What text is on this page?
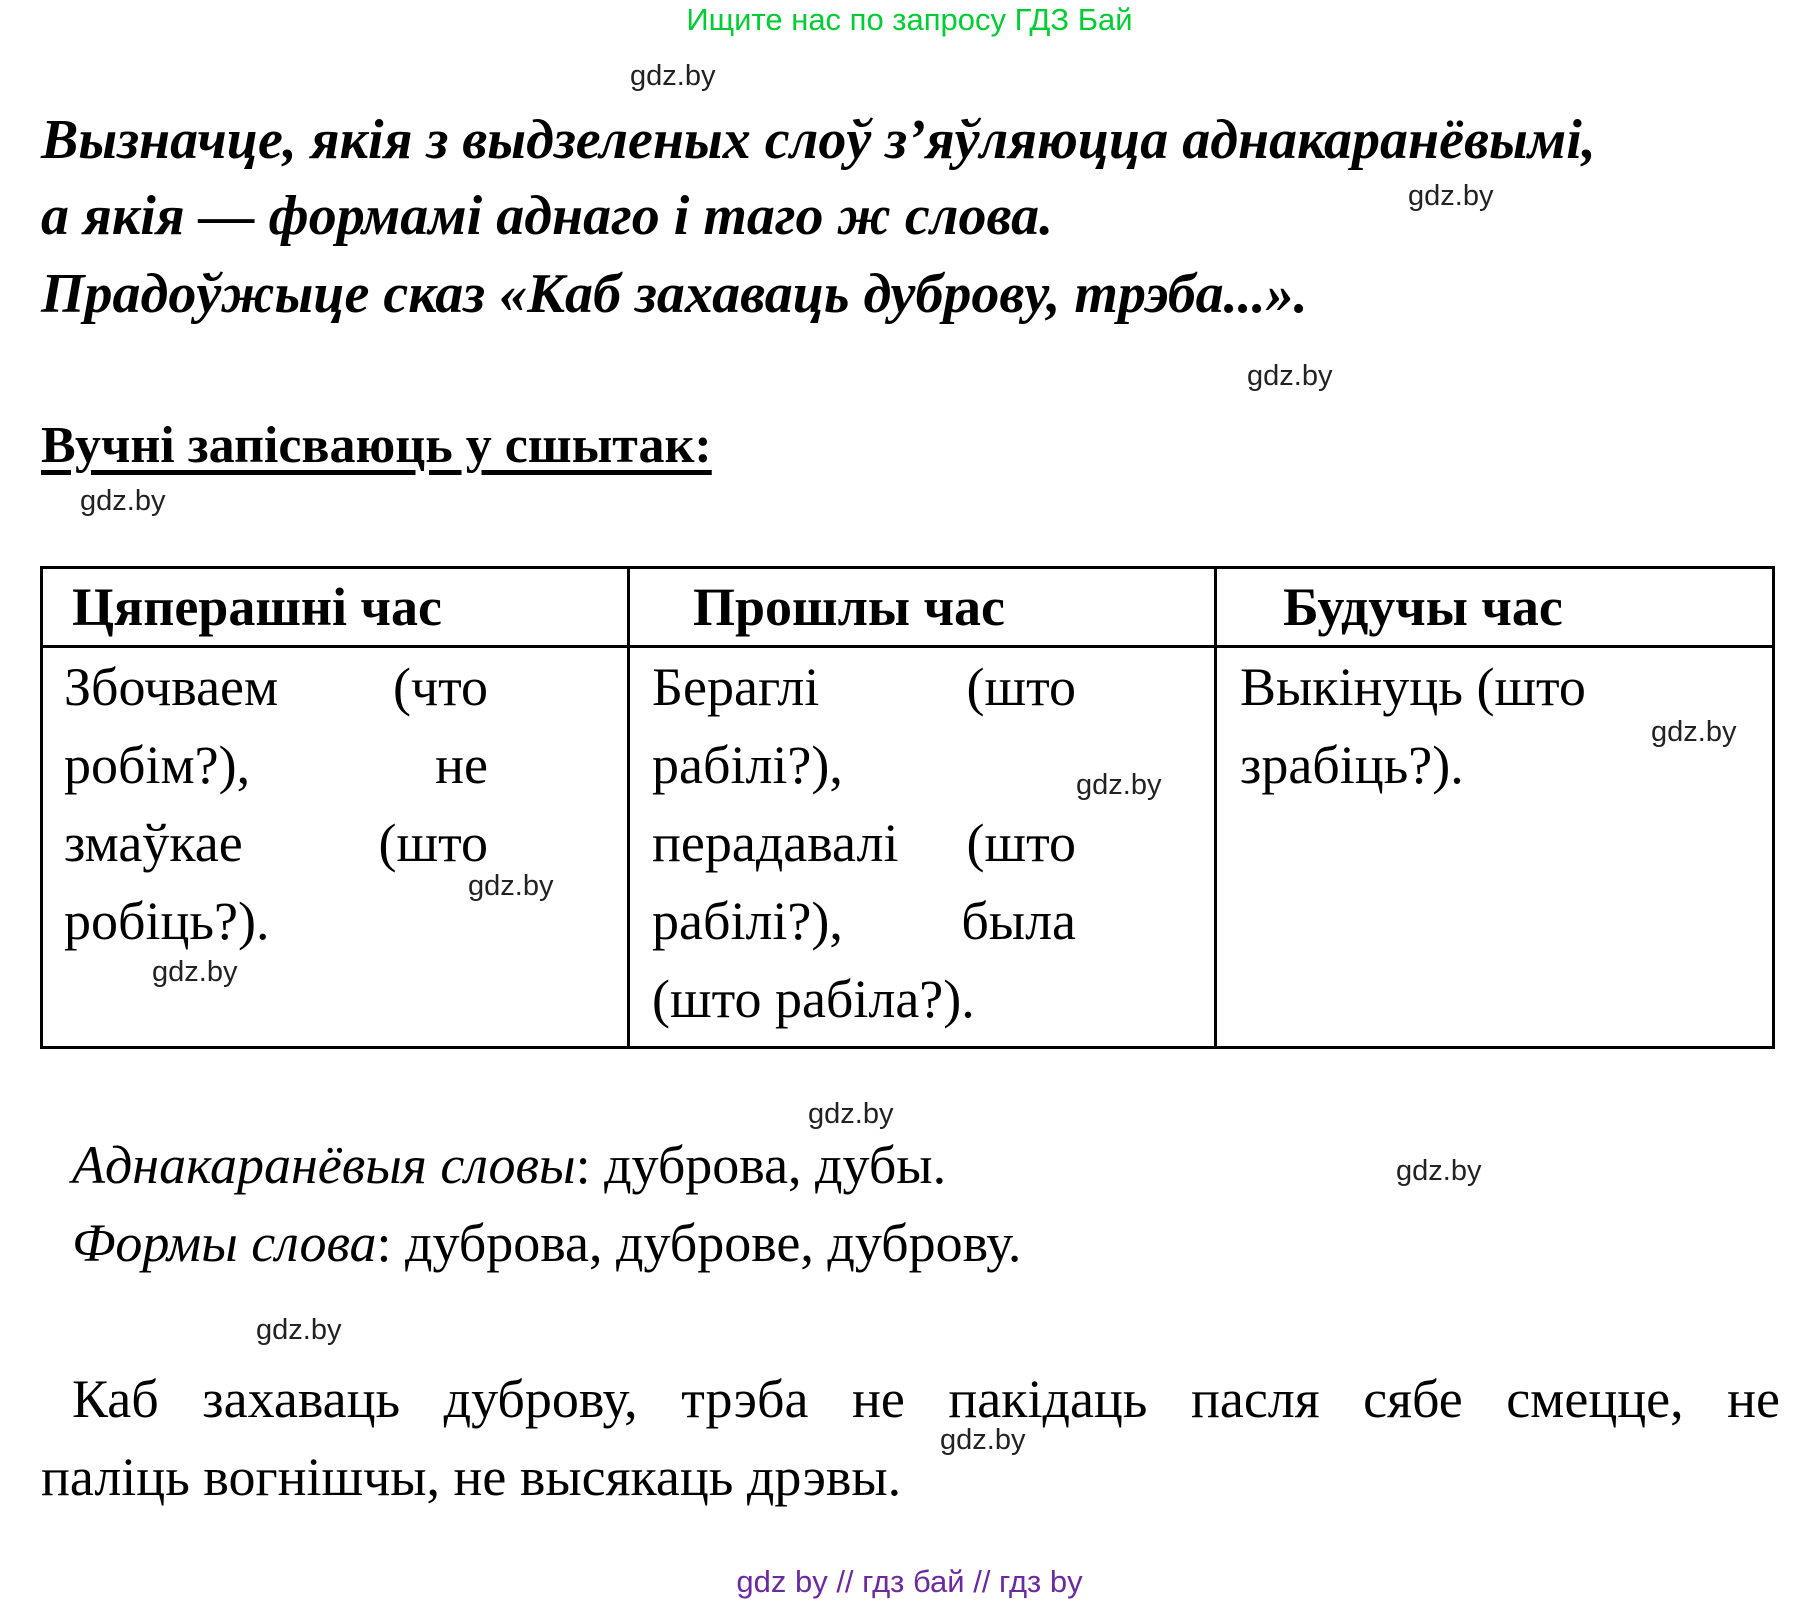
Ищите нас по запросу ГДЗ Бай
Вызначце, якія з выдзеленых слоў з’яўляюцца аднакаранёвымі,
а якія — формамі аднаго і таго ж слова.
Прадоўжыце сказ «Каб захаваць дуброву, трэба...».
Вучні запісваюць у сшытак:
Цяперашні час	Прошлы час	Будучы час
Збочваем (что
робім?), не
змаўкае (што
робіць?).
Бераглі (што
рабілі?),
перадавалі (што
рабілі?), была
(што рабіла?).
Выкінуць (што
зрабіць?).
Аднакаранёвыя словы: дуброва, дубы.
Формы слова: дуброва, дуброве, дуброву.
Каб захаваць дуброву, трэба не пакідаць пасля сябе смецце, не
паліць вогнішчы, не высякаць дрэвы.
gdz.by
gdz.by
gdz.by
gdz.by
gdz.by
gdz.by
gdz.by
gdz.by
gdz.by
gdz.by
gdz.by
gdz.by
gdz by // гдз бай // гдз by
